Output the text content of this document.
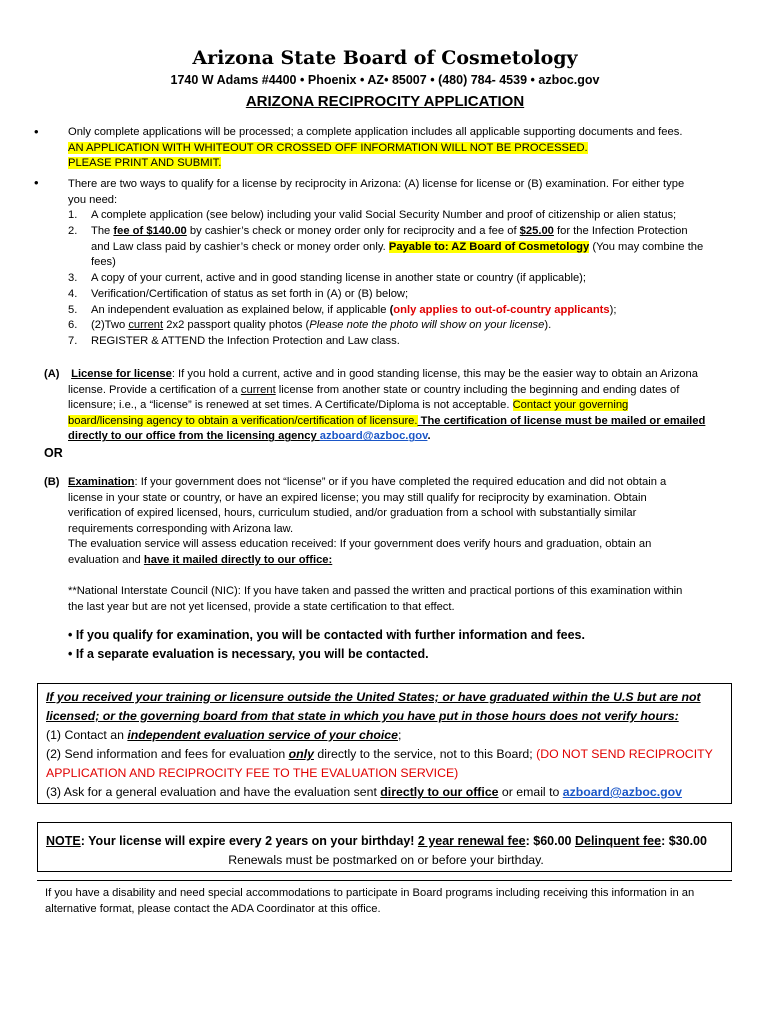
Arizona State Board of Cosmetology
1740 W Adams #4400 • Phoenix • AZ• 85007 • (480) 784- 4539 • azboc.gov
ARIZONA RECIPROCITY APPLICATION
•	Only complete applications will be processed; a complete application includes all applicable supporting documents and fees.
AN APPLICATION WITH WHITEOUT OR CROSSED OFF INFORMATION WILL NOT BE PROCESSED.
PLEASE PRINT AND SUBMIT.
•	There are two ways to qualify for a license by reciprocity in Arizona: (A) license for license or (B) examination. For either type
you need:
1. A complete application (see below) including your valid Social Security Number and proof of citizenship or alien status;
2. The fee of $140.00 by cashier’s check or money order only for reciprocity and a fee of $25.00 for the Infection Protection
and Law class paid by cashier’s check or money order only. Payable to: AZ Board of Cosmetology (You may combine the
fees)
3. A copy of your current, active and in good standing license in another state or country (if applicable);
4. Verification/Certification of status as set forth in (A) or (B) below;
5. An independent evaluation as explained below, if applicable (only applies to out-of-country applicants);
6. (2)Two current 2x2 passport quality photos (Please note the photo will show on your license).
7. REGISTER & ATTEND the Infection Protection and Law class.
(A) License for license: If you hold a current, active and in good standing license, this may be the easier way to obtain an Arizona
license. Provide a certification of a current license from another state or country including the beginning and ending dates of
licensure; i.e., a “license” is renewed at set times. A Certificate/Diploma is not acceptable. Contact your governing
board/licensing agency to obtain a verification/certification of licensure. The certification of license must be mailed or emailed
directly to our office from the licensing agency azboard@azboc.gov.
OR
(B) Examination: If your government does not “license” or if you have completed the required education and did not obtain a
license in your state or country, or have an expired license; you may still qualify for reciprocity by examination. Obtain
verification of expired licensed, hours, curriculum studied, and/or graduation from a school with substantially similar
requirements corresponding with Arizona law.
The evaluation service will assess education received: If your government does verify hours and graduation, obtain an
evaluation and have it mailed directly to our office:
**National Interstate Council (NIC): If you have taken and passed the written and practical portions of this examination within
the last year but are not yet licensed, provide a state certification to that effect.
• If you qualify for examination, you will be contacted with further information and fees.
• If a separate evaluation is necessary, you will be contacted.
If you received your training or licensure outside the United States; or have graduated within the U.S but are not
licensed; or the governing board from that state in which you have put in those hours does not verify hours:
(1) Contact an independent evaluation service of your choice;
(2) Send information and fees for evaluation only directly to the service, not to this Board; (DO NOT SEND RECIPROCITY
APPLICATION AND RECIPROCITY FEE TO THE EVALUATION SERVICE)
(3) Ask for a general evaluation and have the evaluation sent directly to our office or email to azboard@azboc.gov
NOTE: Your license will expire every 2 years on your birthday! 2 year renewal fee: $60.00 Delinquent fee: $30.00
Renewals must be postmarked on or before your birthday.
If you have a disability and need special accommodations to participate in Board programs including receiving this information in an
alternative format, please contact the ADA Coordinator at this office.
